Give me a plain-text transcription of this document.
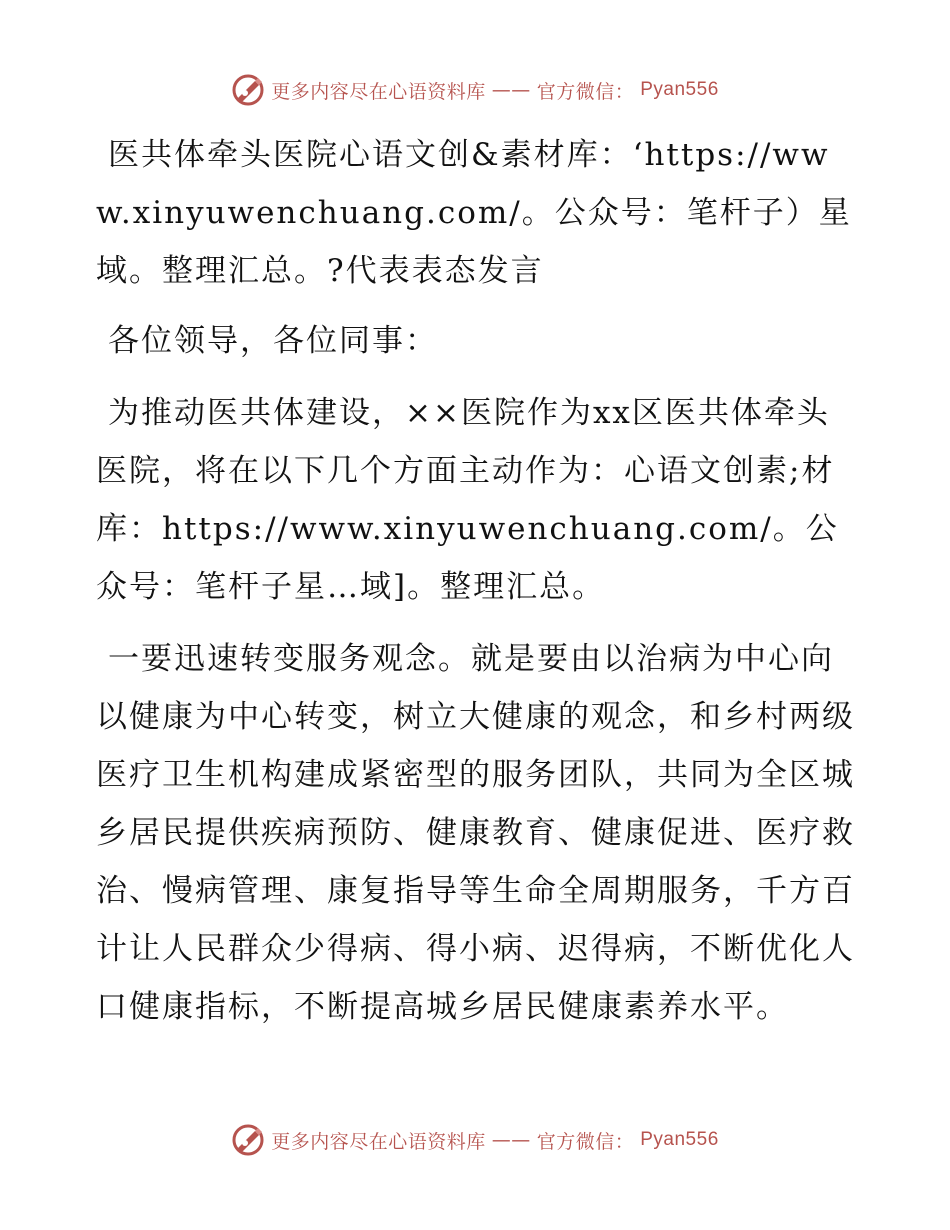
更多内容尽在心语资料库 —— 官方微信： Pyan556

医共体牵头医院心语文创&素材库：‘https://www.xinyuwenchuang.com/。公众号：笔杆子）星域。整理汇总。?代表表态发言

各位领导，各位同事：

为推动医共体建设，××医院作为xx区医共体牵头医院，将在以下几个方面主动作为：心语文创素;材库：https://www.xinyuwenchuang.com/。公众号：笔杆子星…域]。整理汇总。

一要迅速转变服务观念。就是要由以治病为中心向以健康为中心转变，树立大健康的观念，和乡村两级医疗卫生机构建成紧密型的服务团队，共同为全区城乡居民提供疾病预防、健康教育、健康促进、医疗救治、慢病管理、康复指导等生命全周期服务，千方百计让人民群众少得病、得小病、迟得病，不断优化人口健康指标，不断提高城乡居民健康素养水平。

更多内容尽在心语资料库 —— 官方微信： Pyan556
